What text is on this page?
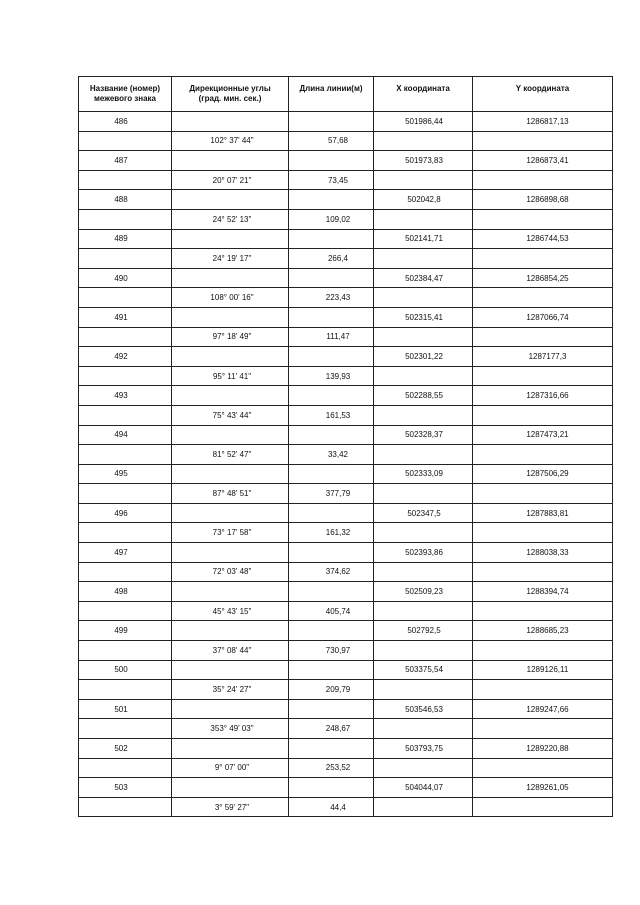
Название (номер)
межевого знака
Дирекционные углы
(град. мин. сек.)
Длина линии(м)	X координата	Y координата
486
487
488
489
490
491
492
493
494
495
496
497
498
499
500
501
502
503
102° 37' 44"
20° 07' 21"
24° 52' 13"
24° 19' 17"
108° 00' 16"
97° 18' 49"
95° 11' 41"
75° 43' 44"
81° 52' 47"
87° 48' 51"
73° 17' 58"
72° 03' 48"
45° 43' 15"
37° 08' 44"
35° 24' 27"
353° 49' 03"
9° 07' 00"
3° 59' 27"
57,68
73,45
109,02
266,4
223,43
111,47
139,93
161,53
33,42
377,79
161,32
374,62
405,74
730,97
209,79
248,67
253,52
44,4
501986,44
501973,83
502042,8
502141,71
502384,47
502315,41
502301,22
502288,55
502328,37
502333,09
502347,5
502393,86
502509,23
502792,5
503375,54
503546,53
503793,75
504044,07
1286817,13
1286873,41
1286898,68
1286744,53
1286854,25
1287066,74
1287177,3
1287316,66
1287473,21
1287506,29
1287883,81
1288038,33
1288394,74
1288685,23
1289126,11
1289247,66
1289220,88
1289261,05
